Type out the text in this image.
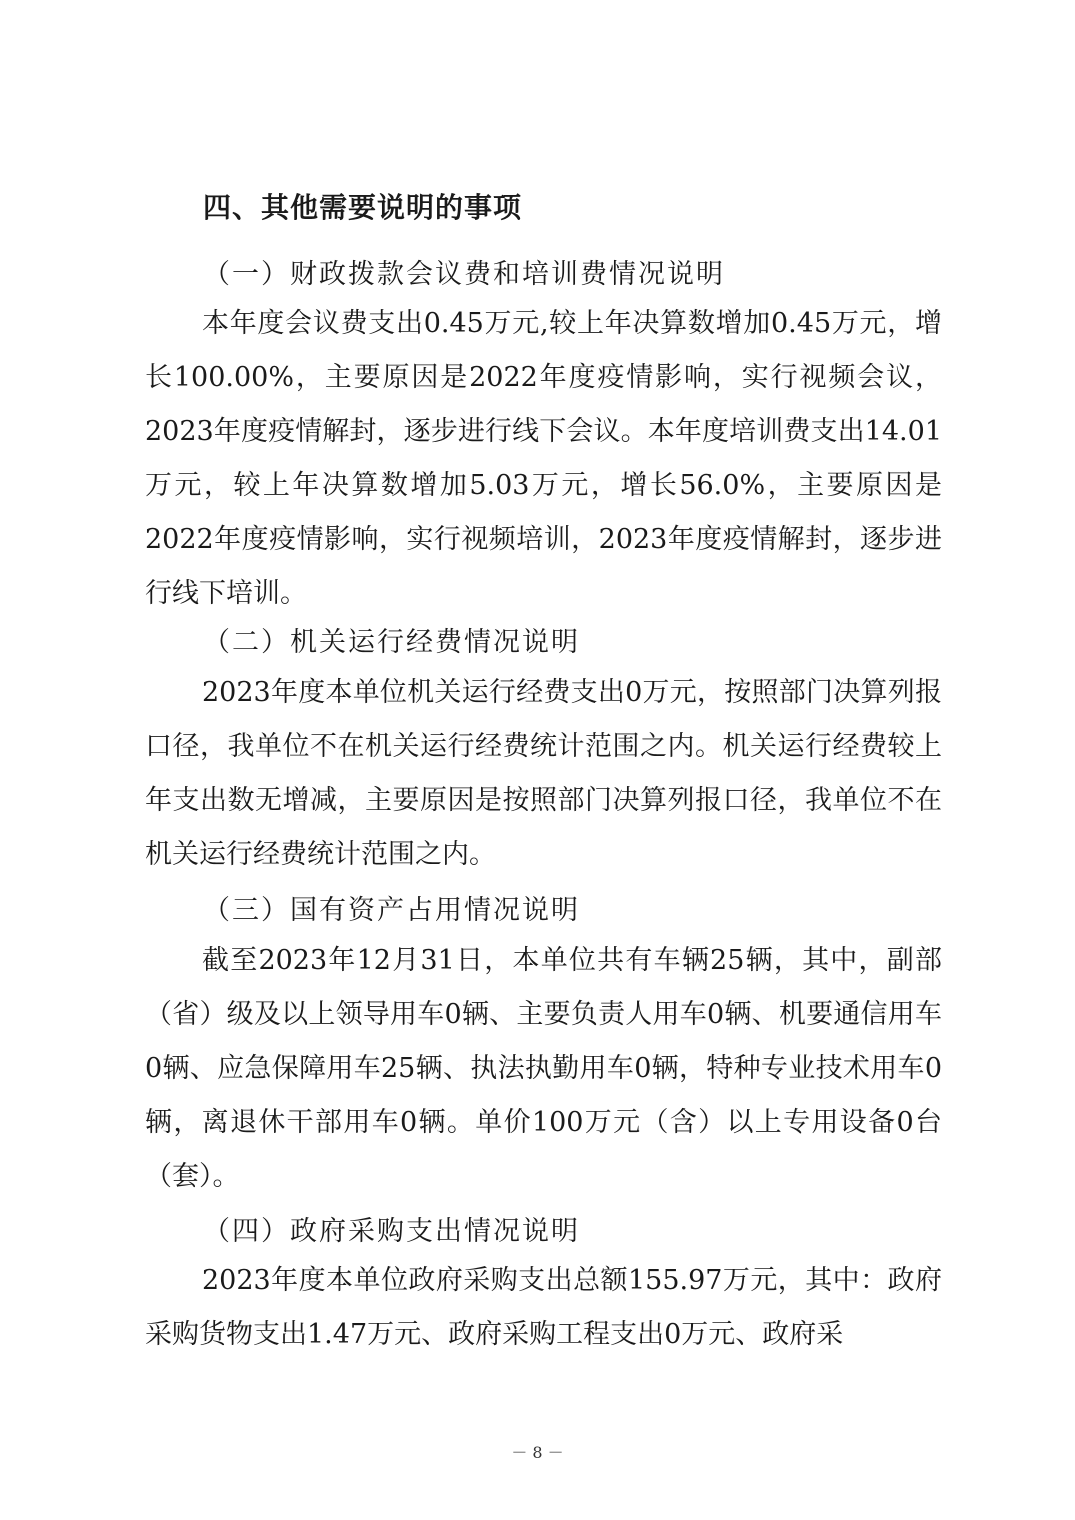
四、其他需要说明的事项
（一）财政拨款会议费和培训费情况说明

本年度会议费支出0.45万元,较上年决算数增加0.45万元，增长100.00%，主要原因是2022年度疫情影响，实行视频会议，2023年度疫情解封，逐步进行线下会议。本年度培训费支出14.01万元，较上年决算数增加5.03万元，增长56.0%，主要原因是2022年度疫情影响，实行视频培训，2023年度疫情解封，逐步进行线下培训。

（二）机关运行经费情况说明

2023年度本单位机关运行经费支出0万元，按照部门决算列报口径，我单位不在机关运行经费统计范围之内。机关运行经费较上年支出数无增减，主要原因是按照部门决算列报口径，我单位不在机关运行经费统计范围之内。

（三）国有资产占用情况说明

截至2023年12月31日，本单位共有车辆25辆，其中，副部（省）级及以上领导用车0辆、主要负责人用车0辆、机要通信用车0辆、应急保障用车25辆、执法执勤用车0辆，特种专业技术用车0辆，离退休干部用车0辆。单价100万元（含）以上专用设备0台（套）。

（四）政府采购支出情况说明

2023年度本单位政府采购支出总额155.97万元，其中：政府采购货物支出1.47万元、政府采购工程支出0万元、政府采

－ 8 －
